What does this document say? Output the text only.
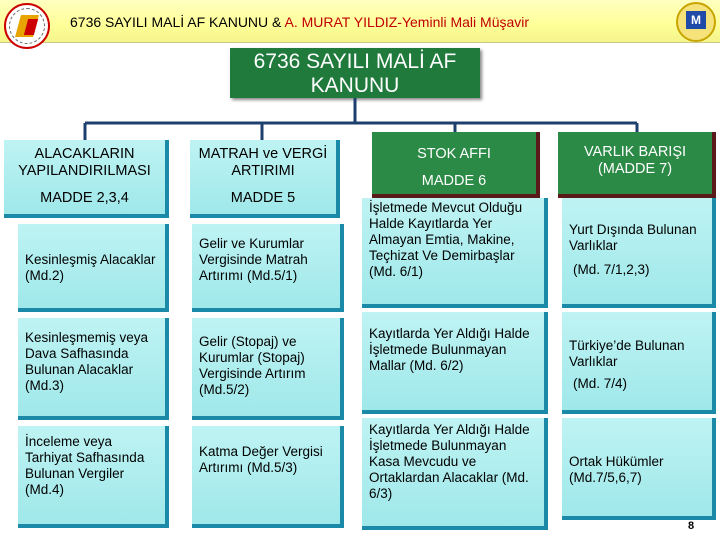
6736 SAYILI MALİ AF KANUNU & A. MURAT YILDIZ-Yeminli Mali Müşavir	M
6736 SAYILI MALİ AF KANUNU
ALACAKLARIN YAPILANDIRILMASI
MADDE 2,3,4
Kesinleşmiş Alacaklar (Md.2)
Kesinleşmemiş veya Dava Safhasında Bulunan Alacaklar (Md.3)
İnceleme veya Tarhiyat Safhasında Bulunan Vergiler (Md.4)
MATRAH ve VERGİ ARTIRIMI
MADDE 5
Gelir ve Kurumlar Vergisinde Matrah Artırımı (Md.5/1)
Gelir (Stopaj) ve Kurumlar (Stopaj) Vergisinde Artırım (Md.5/2)
Katma Değer Vergisi Artırımı (Md.5/3)
STOK AFFI
MADDE 6
İşletmede Mevcut Olduğu Halde Kayıtlarda Yer Almayan Emtia, Makine, Teçhizat Ve Demirbaşlar (Md. 6/1)
Kayıtlarda Yer Aldığı Halde İşletmede Bulunmayan Mallar (Md. 6/2)
Kayıtlarda Yer Aldığı Halde İşletmede Bulunmayan Kasa Mevcudu ve Ortaklardan Alacaklar (Md. 6/3)
VARLIK BARIŞI (MADDE 7)
Yurt Dışında Bulunan Varlıklar
(Md. 7/1,2,3)
Türkiye’de Bulunan Varlıklar
(Md. 7/4)
Ortak Hükümler (Md.7/5,6,7)
8
